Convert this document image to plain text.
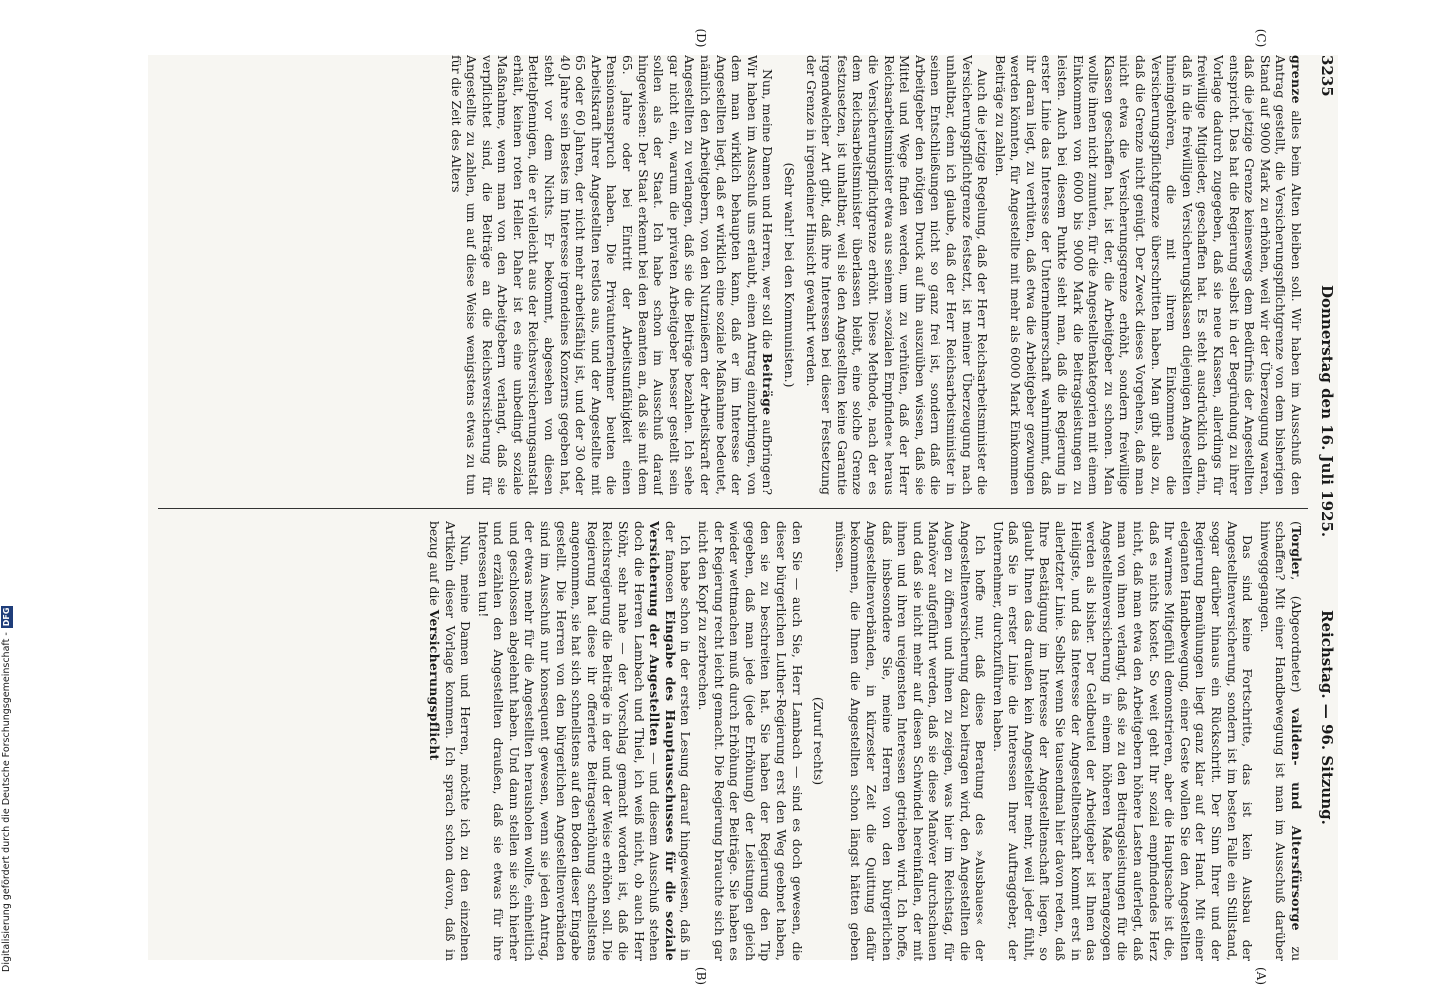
Digitalisierung gefördert durch die Deutsche Forschungsgemeinschaft -DFG
3235
Donnerstag den 16. Juli 1925.
Reichstag. — 96. Sitzung.
(C)
(D)

grenze alles beim Alten bleiben soll. Wir haben im Ausschuß den Antrag gestellt, die Versicherungspflichtgrenze von dem bisherigen Stand auf 9000 Mark zu erhöhen, weil wir der Überzeugung waren, daß die jetzige Grenze keineswegs dem Bedürfnis der Angestellten entspricht. Das hat die Regierung selbst in der Begründung zu ihrer Vorlage dadurch zugegeben, daß sie neue Klassen, allerdings für freiwillige Mitglieder, geschaffen hat. Es steht ausdrücklich darin, daß in die freiwilligen Versicherungsklassen diejenigen Angestellten hineingehören, die mit ihrem Einkommen die Versicherungspflichtgrenze überschritten haben. Man gibt also zu, daß die Grenze nicht genügt. Der Zweck dieses Vorgehens, daß man nicht etwa die Versicherungsgrenze erhöht, sondern freiwillige Klassen geschaffen hat, ist der, die Arbeitgeber zu schonen. Man wollte ihnen nicht zumuten, für die Angestelltenkategorien mit einem Einkommen von 6000 bis 9000 Mark die Beitragsleistungen zu leisten. Auch bei diesem Punkte sieht man, daß die Regierung in erster Linie das Interesse der Unternehmerschaft wahrnimmt, daß ihr daran liegt, zu verhüten, daß etwa die Arbeitgeber gezwungen werden könnten, für Angestellte mit mehr als 6000 Mark Einkommen Beiträge zu zahlen.

Auch die jetzige Regelung, daß der Herr Reichsarbeitsminister die Versicherungspflichtgrenze festsetzt, ist meiner Überzeugung nach unhaltbar, denn ich glaube, daß der Herr Reichsarbeitsminister in seinen Entschließungen nicht so ganz frei ist, sondern daß die Arbeitgeber den nötigen Druck auf ihn auszuüben wissen, daß sie Mittel und Wege finden werden, um zu verhüten, daß der Herr Reichsarbeitsminister etwa aus seinem »sozialen Empfinden« heraus die Versicherungspflichtgrenze erhöht. Diese Methode, nach der es dem Reichsarbeitsminister überlassen bleibt, eine solche Grenze festzusetzen, ist unhaltbar, weil sie den Angestellten keine Garantie irgendwelcher Art gibt, daß ihre Interessen bei dieser Festsetzung der Grenze in irgendeiner Hinsicht gewahrt werden.

(Sehr wahr! bei den Kommunisten.)

Nun, meine Damen und Herren, wer soll die Beiträge aufbringen? Wir haben im Ausschuß uns erlaubt, einen Antrag einzubringen, von dem man wirklich behaupten kann, daß er im Interesse der Angestellten liegt, daß er wirklich eine soziale Maßnahme bedeutet, nämlich den Arbeitgebern, von den Nutznießern der Arbeitskraft der Angestellten zu verlangen, daß sie die Beiträge bezahlen. Ich sehe gar nicht ein, warum die privaten Arbeitgeber besser gestellt sein sollen als der Staat. Ich habe schon im Ausschuß darauf hingewiesen: Der Staat erkennt bei den Beamten an, daß sie mit dem 65. Jahre oder bei Eintritt der Arbeitsunfähigkeit einen Pensionsanspruch haben. Die Privatunternehmer beuten die Arbeitskraft ihrer Angestellten restlos aus, und der Angestellte mit 65 oder 60 Jahren, der nicht mehr arbeitsfähig ist, und der 30 oder 40 Jahre sein Bestes im Interesse irgendeines Konzerns gegeben hat, steht vor dem Nichts. Er bekommt, abgesehen von diesen Bettelpfennigen, die er vielleicht aus der Reichsversicherungsanstalt erhält, keinen roten Heller. Daher ist es eine unbedingt soziale Maßnahme, wenn man von den Arbeitgebern verlangt, daß sie verpflichtet sind, die Beiträge an die Reichsversicherung für Angestellte zu zahlen, um auf diese Weise wenigstens etwas zu tun für die Zeit des Alters

(Torgler, (Abgeordneter) validen- und Altersfürsorge zu schaffen? Mit einer Handbewegung ist man im Ausschuß darüber hinweggegangen.

Das sind keine Fortschritte, das ist kein Ausbau der Angestelltenversicherung, sondern ist im besten Falle ein Stillstand, sogar darüber hinaus ein Rückschritt. Der Sinn Ihrer und der Regierung Bemühungen liegt ganz klar auf der Hand. Mit einer eleganten Handbewegung, einer Geste wollen Sie den Angestellten Ihr warmes Mitgefühl demonstrieren, aber die Hauptsache ist die, daß es nichts kostet. So weit geht Ihr sozial empfindendes Herz nicht, daß man etwa den Arbeitgebern höhere Lasten auferlegt, daß man von ihnen verlangt, daß sie zu den Beitragsleistungen für die Angestelltenversicherung in einem höheren Maße herangezogen werden als bisher. Der Geldbeutel der Arbeitgeber ist Ihnen das Heiligste, und das Interesse der Angestelltenschaft kommt erst in allerletzter Linie. Selbst wenn Sie tausendmal hier davon reden, daß Ihre Bestätigung im Interesse der Angestelltenschaft liegen, so glaubt Ihnen das draußen kein Angestellter mehr, weil jeder fühlt, daß Sie in erster Linie die Interessen Ihrer Auftraggeber, der Unternehmer, durchzuführen haben.

Ich hoffe nur, daß diese Beratung des »Ausbaues« der Angestelltenversicherung dazu beitragen wird, den Angestellten die Augen zu öffnen und ihnen zu zeigen, was hier im Reichstag, für Manöver aufgeführt werden, daß sie diese Manöver durchschauen und daß sie nicht mehr auf diesen Schwindel hereinfallen, der mit ihnen und ihren ureigensten Interessen getrieben wird. Ich hoffe, daß insbesondere Sie, meine Herren von den bürgerlichen Angestelltenverbänden, in kürzester Zeit die Quittung dafür bekommen, die Ihnen die Angestellten schon längst hätten geben müssen.

(Zuruf rechts)

den Sie — auch Sie, Herr Lambach — sind es doch gewesen, die dieser bürgerlichen Luther-Regierung erst den Weg geebnet haben, den sie zu beschreiten hat. Sie haben der Regierung den Tip gegeben, daß man jede (jede Erhöhung) der Leistungen gleich wieder wettmachen muß durch Erhöhung der Beiträge. Sie haben es der Regierung recht leicht gemacht. Die Regierung brauchte sich gar nicht den Kopf zu zerbrechen.

Ich habe schon in der ersten Lesung darauf hingewiesen, daß in der famosen Eingabe des Hauptausschusses für die soziale Versicherung der Angestellten — und diesem Ausschuß stehen doch die Herren Lambach und Thiel, ich weiß nicht, ob auch Herr Stöhr, sehr nahe — der Vorschlag gemacht worden ist, daß die Reichsregierung die Beiträge in der und der Weise erhöhen soll. Die Regierung hat diese ihr offerierte Beitragserhöhung schnellstens angenommen, sie hat sich schnellstens auf den Boden dieser Eingabe gestellt. Die Herren von den bürgerlichen Angestelltenverbänden sind im Ausschuß nur konsequent gewesen, wenn sie jeden Antrag, der etwas mehr für die Angestellten herausholen wollte, einheitlich und geschlossen abgelehnt haben. Und dann stellen sie sich hierher und erzählen den Angestellten draußen, daß sie etwas für ihre Interessen tun!

Nun, meine Damen und Herren, möchte ich zu den einzelnen Artikeln dieser Vorlage kommen. Ich sprach schon davon, daß in bezug auf die Versicherungspflicht

(A)
(B)
